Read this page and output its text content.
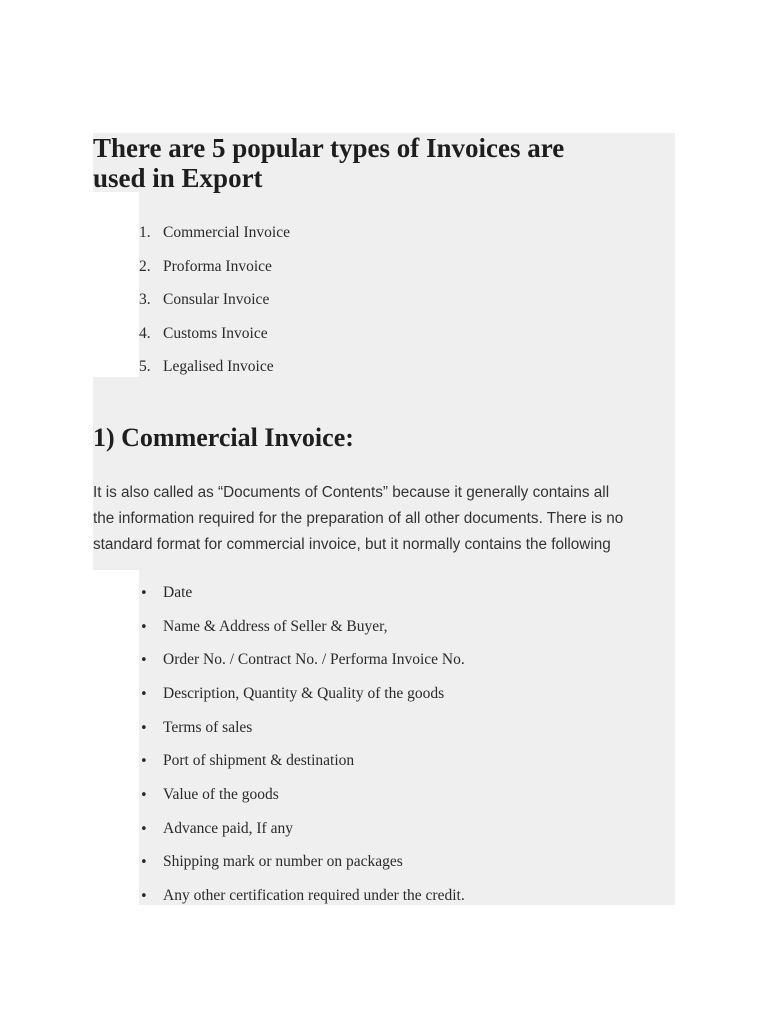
There are 5 popular types of Invoices are
used in Export
1. Commercial Invoice
2. Proforma Invoice
3. Consular Invoice
4. Customs Invoice
5. Legalised Invoice
1) Commercial Invoice:

It is also called as “Documents of Contents” because it generally contains all
the information required for the preparation of all other documents. There is no
standard format for commercial invoice, but it normally contains the following

• Date
• Name & Address of Seller & Buyer,
• Order No. / Contract No. / Performa Invoice No.
• Description, Quantity & Quality of the goods
• Terms of sales
• Port of shipment & destination
• Value of the goods
• Advance paid, If any
• Shipping mark or number on packages
• Any other certification required under the credit.
